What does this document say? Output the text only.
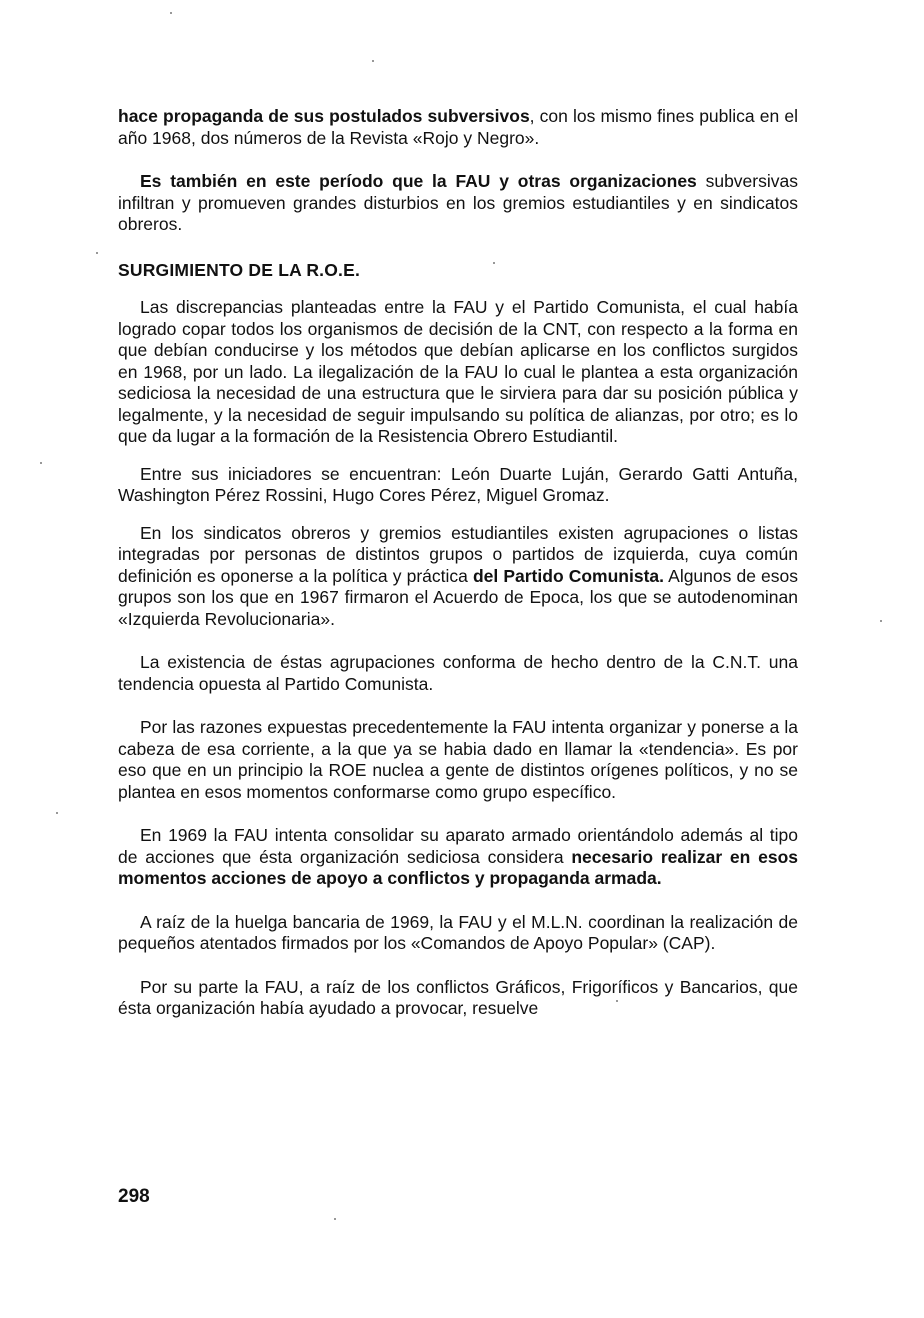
hace propaganda de sus postulados subversivos, con los mismo fines publica en el año 1968, dos números de la Revista «Rojo y Negro».

Es también en este período que la FAU y otras organizaciones subversivas infiltran y promueven grandes disturbios en los gremios estudiantiles y en sindicatos obreros.

SURGIMIENTO DE LA R.O.E.

Las discrepancias planteadas entre la FAU y el Partido Comunista, el cual había logrado copar todos los organismos de decisión de la CNT, con respecto a la forma en que debían conducirse y los métodos que debían aplicarse en los conflictos surgidos en 1968, por un lado. La ilegalización de la FAU lo cual le plantea a esta organización sediciosa la necesidad de una estructura que le sirviera para dar su posición pública y legalmente, y la necesidad de seguir impulsando su política de alianzas, por otro; es lo que da lugar a la formación de la Resistencia Obrero Estudiantil.

Entre sus iniciadores se encuentran: León Duarte Luján, Gerardo Gatti Antuña, Washington Pérez Rossini, Hugo Cores Pérez, Miguel Gromaz.

En los sindicatos obreros y gremios estudiantiles existen agrupaciones o listas integradas por personas de distintos grupos o partidos de izquierda, cuya común definición es oponerse a la política y práctica del Partido Comunista. Algunos de esos grupos son los que en 1967 firmaron el Acuerdo de Epoca, los que se autodenominan «Izquierda Revolucionaria».

La existencia de éstas agrupaciones conforma de hecho dentro de la C.N.T. una tendencia opuesta al Partido Comunista.

Por las razones expuestas precedentemente la FAU intenta organizar y ponerse a la cabeza de esa corriente, a la que ya se habia dado en llamar la «tendencia». Es por eso que en un principio la ROE nuclea a gente de distintos orígenes políticos, y no se plantea en esos momentos conformarse como grupo específico.

En 1969 la FAU intenta consolidar su aparato armado orientándolo además al tipo de acciones que ésta organización sediciosa considera necesario realizar en esos momentos acciones de apoyo a conflictos y propaganda armada.

A raíz de la huelga bancaria de 1969, la FAU y el M.L.N. coordinan la realización de pequeños atentados firmados por los «Comandos de Apoyo Popular» (CAP).

Por su parte la FAU, a raíz de los conflictos Gráficos, Frigoríficos y Bancarios, que ésta organización había ayudado a provocar, resuelve

298
